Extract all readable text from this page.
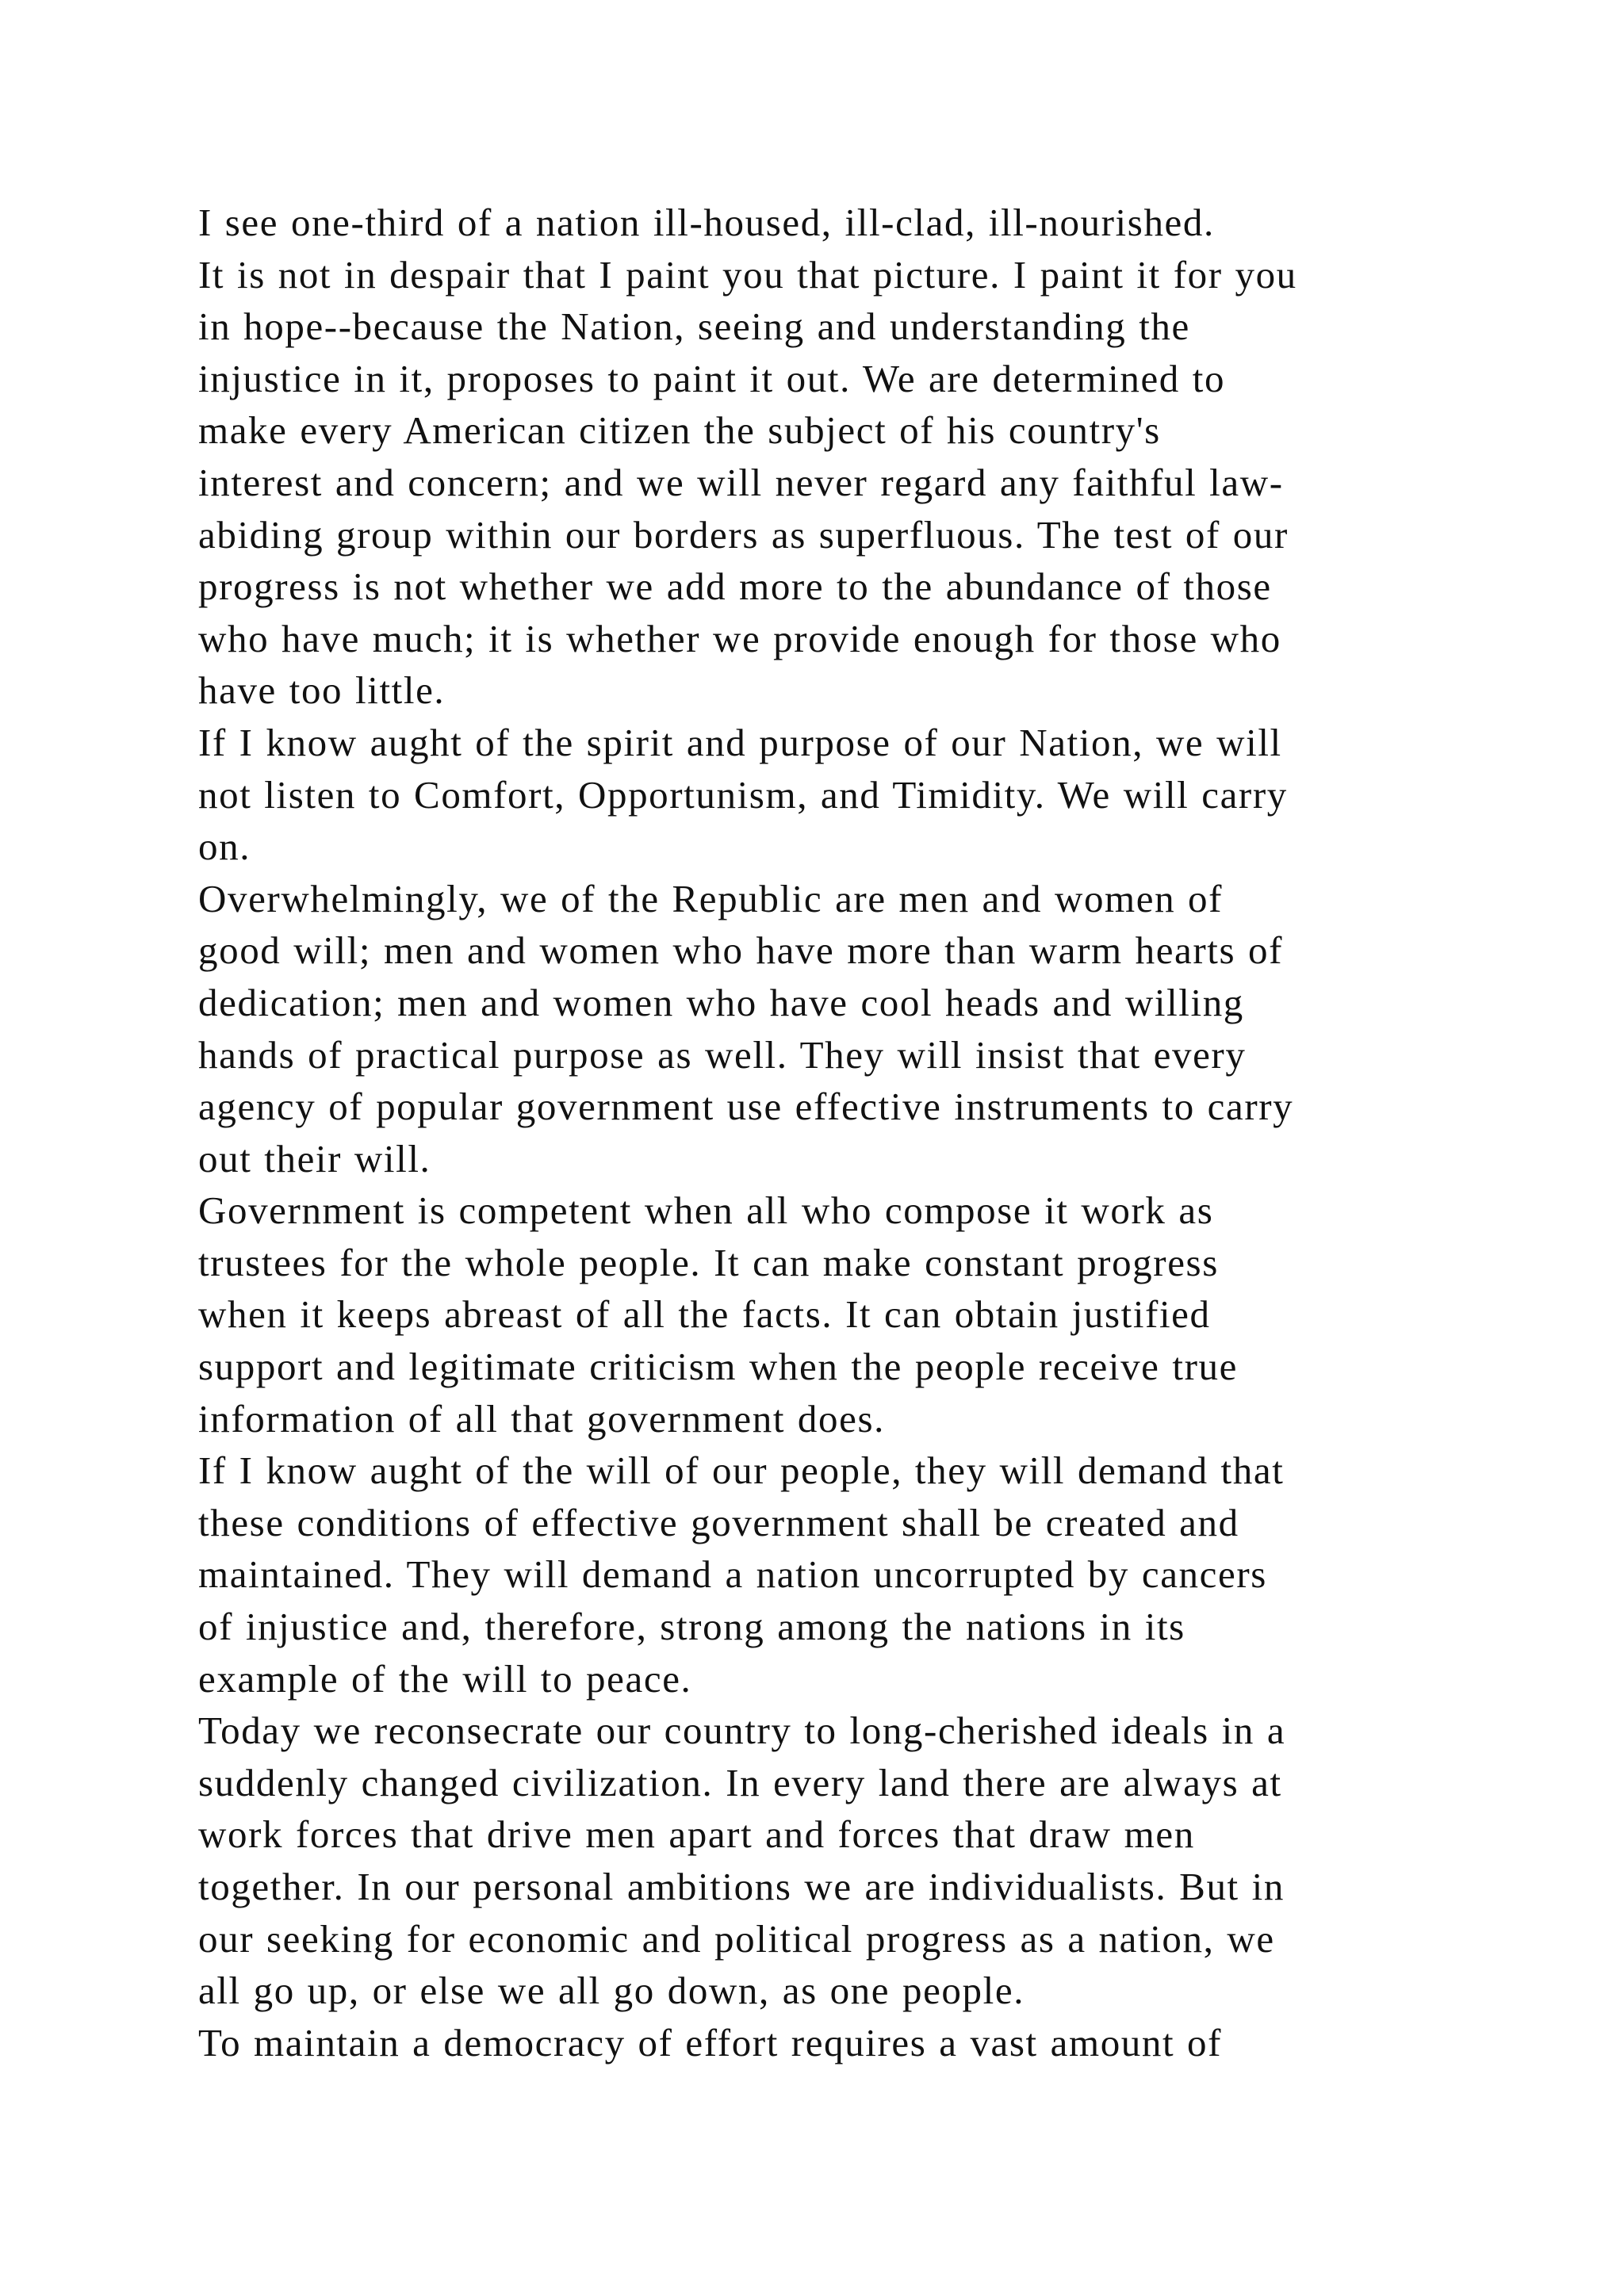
I see one-third of a nation ill-housed, ill-clad, ill-nourished.
It is not in despair that I paint you that picture. I paint it for you
in hope--because the Nation, seeing and understanding the
injustice in it, proposes to paint it out. We are determined to
make every American citizen the subject of his country's
interest and concern; and we will never regard any faithful law-
abiding group within our borders as superfluous. The test of our
progress is not whether we add more to the abundance of those
who have much; it is whether we provide enough for those who
have too little.
If I know aught of the spirit and purpose of our Nation, we will
not listen to Comfort, Opportunism, and Timidity. We will carry
on.
Overwhelmingly, we of the Republic are men and women of
good will; men and women who have more than warm hearts of
dedication; men and women who have cool heads and willing
hands of practical purpose as well. They will insist that every
agency of popular government use effective instruments to carry
out their will.
Government is competent when all who compose it work as
trustees for the whole people. It can make constant progress
when it keeps abreast of all the facts. It can obtain justified
support and legitimate criticism when the people receive true
information of all that government does.
If I know aught of the will of our people, they will demand that
these conditions of effective government shall be created and
maintained. They will demand a nation uncorrupted by cancers
of injustice and, therefore, strong among the nations in its
example of the will to peace.
Today we reconsecrate our country to long-cherished ideals in a
suddenly changed civilization. In every land there are always at
work forces that drive men apart and forces that draw men
together. In our personal ambitions we are individualists. But in
our seeking for economic and political progress as a nation, we
all go up, or else we all go down, as one people.
To maintain a democracy of effort requires a vast amount of
